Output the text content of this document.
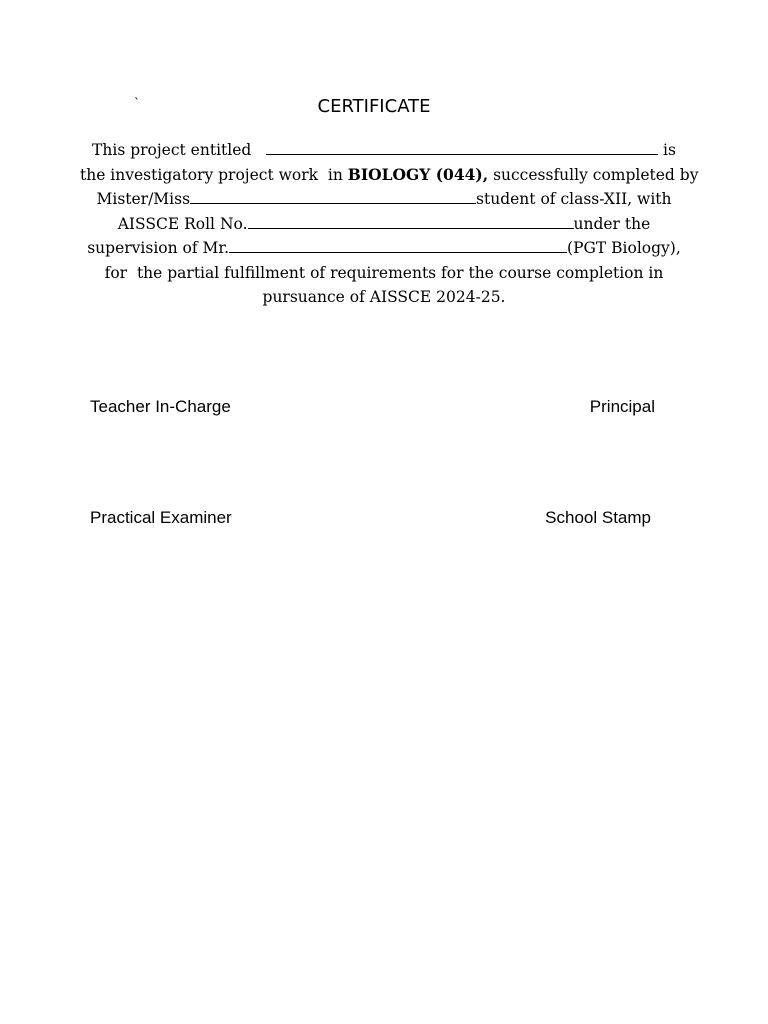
`	CERTIFICATE
This project entitled	is
the investigatory project work  in BIOLOGY (044), successfully completed by
Mister/Miss	student of class-XII, with
AISSCE Roll No.	under the
supervision of Mr.	(PGT Biology),
for  the partial fulfillment of requirements for the course completion in
pursuance of AISSCE 2024-25.
Teacher In-Charge	Principal
Practical Examiner	School Stamp
